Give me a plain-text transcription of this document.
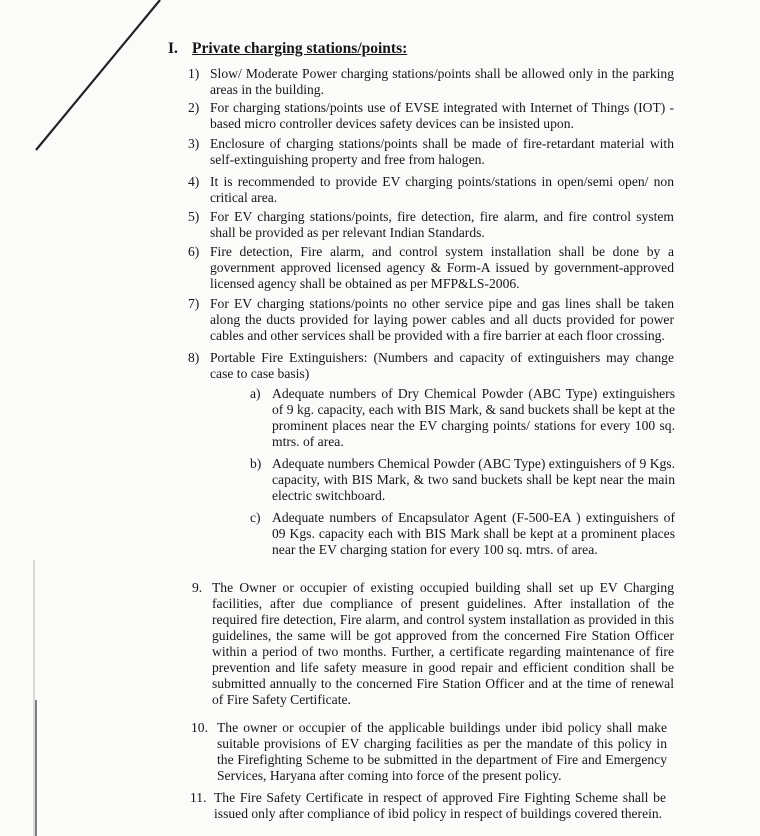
I. Private charging stations/points:
1) Slow/ Moderate Power charging stations/points shall be allowed only in the parking areas in the building.
2) For charging stations/points use of EVSE integrated with Internet of Things (IOT) - based micro controller devices safety devices can be insisted upon.
3) Enclosure of charging stations/points shall be made of fire-retardant material with self-extinguishing property and free from halogen.
4) It is recommended to provide EV charging points/stations in open/semi open/ non critical area.
5) For EV charging stations/points, fire detection, fire alarm, and fire control system shall be provided as per relevant Indian Standards.
6) Fire detection, Fire alarm, and control system installation shall be done by a government approved licensed agency & Form-A issued by government-approved licensed agency shall be obtained as per MFP&LS-2006.
7) For EV charging stations/points no other service pipe and gas lines shall be taken along the ducts provided for laying power cables and all ducts provided for power cables and other services shall be provided with a fire barrier at each floor crossing.
8) Portable Fire Extinguishers: (Numbers and capacity of extinguishers may change case to case basis)
a) Adequate numbers of Dry Chemical Powder (ABC Type) extinguishers of 9 kg. capacity, each with BIS Mark, & sand buckets shall be kept at the prominent places near the EV charging points/ stations for every 100 sq. mtrs. of area.
b) Adequate numbers Chemical Powder (ABC Type) extinguishers of 9 Kgs. capacity, with BIS Mark, & two sand buckets shall be kept near the main electric switchboard.
c) Adequate numbers of Encapsulator Agent (F-500-EA ) extinguishers of 09 Kgs. capacity each with BIS Mark shall be kept at a prominent places near the EV charging station for every 100 sq. mtrs. of area.
9. The Owner or occupier of existing occupied building shall set up EV Charging facilities, after due compliance of present guidelines. After installation of the required fire detection, Fire alarm, and control system installation as provided in this guidelines, the same will be got approved from the concerned Fire Station Officer within a period of two months. Further, a certificate regarding maintenance of fire prevention and life safety measure in good repair and efficient condition shall be submitted annually to the concerned Fire Station Officer and at the time of renewal of Fire Safety Certificate.
10. The owner or occupier of the applicable buildings under ibid policy shall make suitable provisions of EV charging facilities as per the mandate of this policy in the Firefighting Scheme to be submitted in the department of Fire and Emergency Services, Haryana after coming into force of the present policy.
11. The Fire Safety Certificate in respect of approved Fire Fighting Scheme shall be issued only after compliance of ibid policy in respect of buildings covered therein.
